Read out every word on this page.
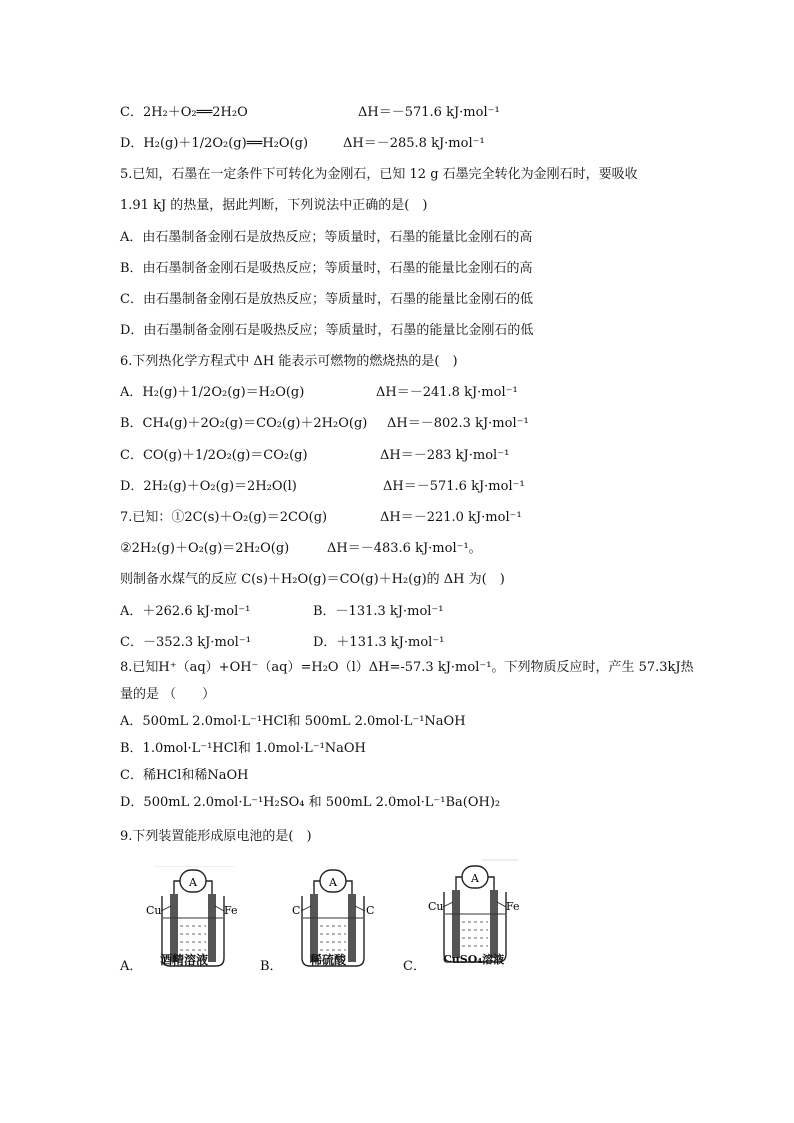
C．2H₂＋O₂══2H₂O	ΔH＝－571.6 kJ·mol⁻¹
D．H₂(g)＋1/2O₂(g)══H₂O(g)	ΔH＝－285.8 kJ·mol⁻¹
5.已知，石墨在一定条件下可转化为金刚石，已知 12 g 石墨完全转化为金刚石时，要吸收
1.91 kJ 的热量，据此判断，下列说法中正确的是(　)
A．由石墨制备金刚石是放热反应；等质量时，石墨的能量比金刚石的高
B．由石墨制备金刚石是吸热反应；等质量时，石墨的能量比金刚石的高
C．由石墨制备金刚石是放热反应；等质量时，石墨的能量比金刚石的低
D．由石墨制备金刚石是吸热反应；等质量时，石墨的能量比金刚石的低
6.下列热化学方程式中 ΔH 能表示可燃物的燃烧热的是(　)
A．H₂(g)＋1/2O₂(g)＝H₂O(g)	ΔH＝－241.8 kJ·mol⁻¹
B．CH₄(g)＋2O₂(g)＝CO₂(g)＋2H₂O(g) ΔH＝－802.3 kJ·mol⁻¹
C．CO(g)＋1/2O₂(g)＝CO₂(g)	ΔH＝－283 kJ·mol⁻¹
D．2H₂(g)＋O₂(g)＝2H₂O(l)	ΔH＝－571.6 kJ·mol⁻¹
7.已知：①2C(s)＋O₂(g)＝2CO(g)	ΔH＝－221.0 kJ·mol⁻¹
②2H₂(g)＋O₂(g)＝2H₂O(g)	ΔH＝－483.6 kJ·mol⁻¹。
则制备水煤气的反应 C(s)＋H₂O(g)＝CO(g)＋H₂(g)的 ΔH 为(　)
A．＋262.6 kJ·mol⁻¹	B．－131.3 kJ·mol⁻¹
C．－352.3 kJ·mol⁻¹	D．＋131.3 kJ·mol⁻¹
8.已知H⁺（aq）+OH⁻（aq）=H₂O（l）ΔH=-57.3 kJ·mol⁻¹。下列物质反应时，产生 57.3kJ热
量的是 （　　）
A．500mL 2.0mol·L⁻¹HCl和 500mL 2.0mol·L⁻¹NaOH
B．1.0mol·L⁻¹HCl和 1.0mol·L⁻¹NaOH
C．稀HCl和稀NaOH
D．500mL 2.0mol·L⁻¹H₂SO₄ 和 500mL 2.0mol·L⁻¹Ba(OH)₂
9.下列装置能形成原电池的是(　)
A．
A
Cu	Fe
酒精溶液	B．
A
C	C
稀硫酸	C．
A
Cu	Fe
CuSO₄溶液
